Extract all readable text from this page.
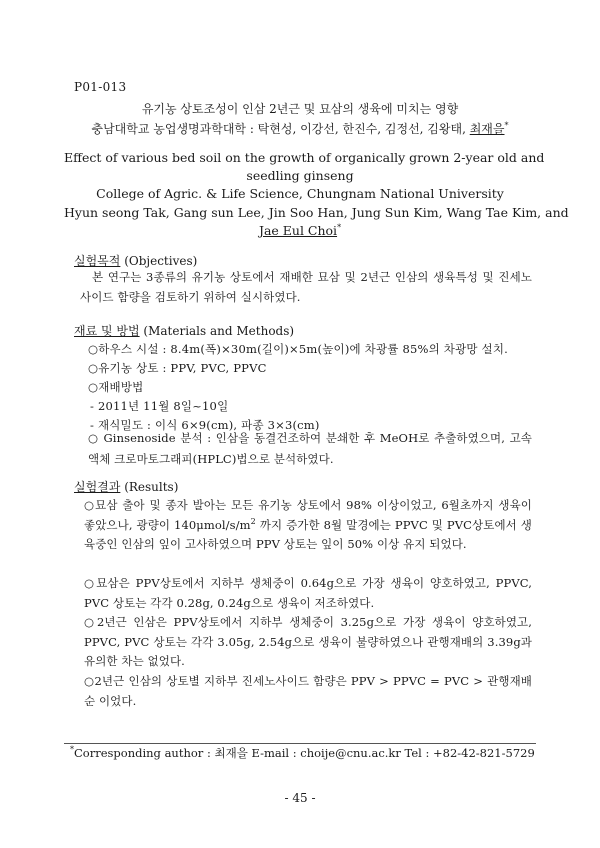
P01-013
유기농 상토조성이 인삼 2년근 및 묘삼의 생육에 미치는 영향
충남대학교 농업생명과학대학 : 탁현성, 이강선, 한진수, 김정선, 김왕태, 최재을*
Effect of various bed soil on the growth of organically grown 2-year old and
seedling ginseng
College of Agric. & Life Science, Chungnam National University
Hyun seong Tak, Gang sun Lee, Jin Soo Han, Jung Sun Kim, Wang Tae Kim, and
Jae Eul Choi*
실험목적 (Objectives)
본 연구는 3종류의 유기농 상토에서 재배한 묘삼 및 2년근 인삼의 생육특성 및 진세노사이드 함량을 검토하기 위하여 실시하였다.
재료 및 방법 (Materials and Methods)
○하우스 시설 : 8.4m(폭)×30m(길이)×5m(높이)에 차광률 85%의 차광망 설치.
○유기농 상토 : PPV, PVC, PPVC
○재배방법
- 2011년 11월 8일~10일
- 재식밀도 : 이식 6×9(cm), 파종 3×3(cm)
○ Ginsenoside 분석 : 인삼을 동결건조하여 분쇄한 후 MeOH로 추출하였으며, 고속액체 크로마토그래피(HPLC)법으로 분석하였다.
실험결과 (Results)
○묘삼 출아 및 종자 발아는 모든 유기농 상토에서 98% 이상이었고, 6월초까지 생육이 좋았으나, 광량이 $140\mu mol/s/m^2$ 까지 증가한 8월 말경에는 PPVC 및 PVC상토에서 생육중인 인삼의 잎이 고사하였으며 PPV 상토는 잎이 50% 이상 유지 되었다.
○묘삼은 PPV상토에서 지하부 생체중이 0.64g으로 가장 생육이 양호하였고, PPVC, PVC 상토는 각각 0.28g, 0.24g으로 생육이 저조하였다.
○2년근 인삼은 PPV상토에서 지하부 생체중이 3.25g으로 가장 생육이 양호하였고, PPVC, PVC 상토는 각각 3.05g, 2.54g으로 생육이 불량하였으나 관행재배의 3.39g과 유의한 차는 없었다.
○2년근 인삼의 상토별 지하부 진세노사이드 함량은 PPV > PPVC = PVC > 관행재배 순 이었다.
*Corresponding author : 최재을 E-mail : choije@cnu.ac.kr Tel : +82-42-821-5729
- 45 -
